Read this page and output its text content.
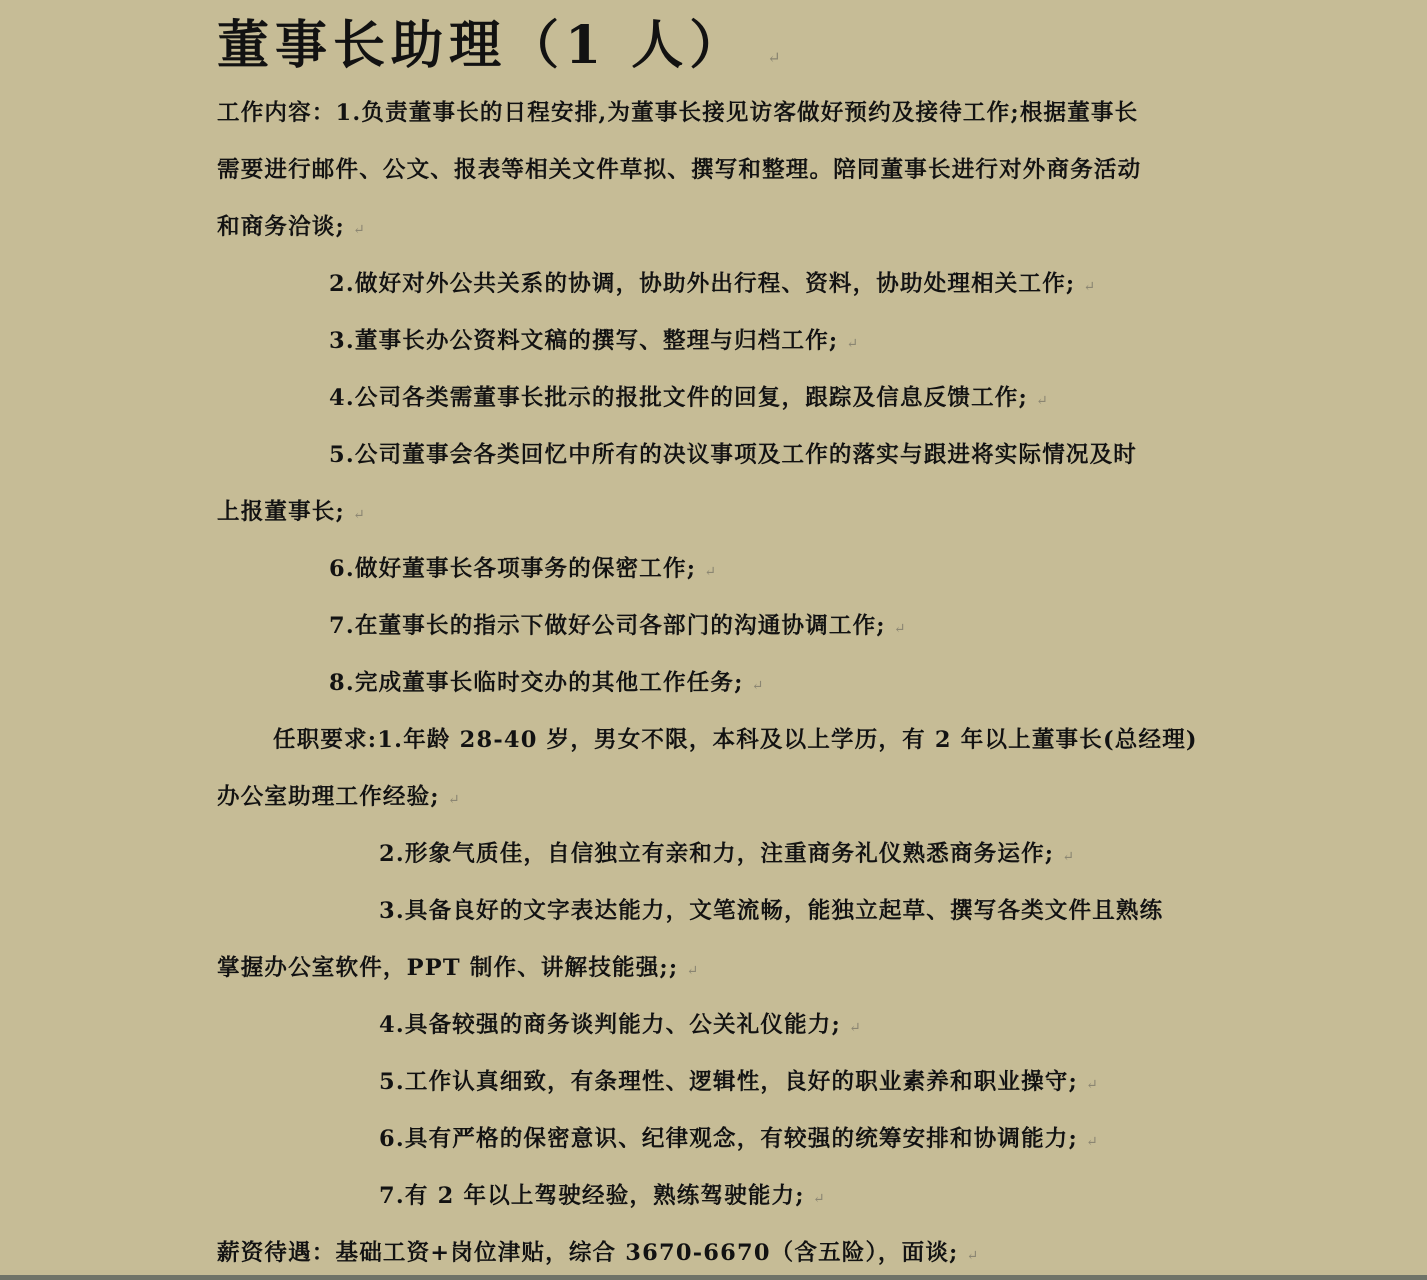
董事长助理（1 人） ↵
工作内容：1.负责董事长的日程安排,为董事长接见访客做好预约及接待工作;根据董事长
需要进行邮件、公文、报表等相关文件草拟、撰写和整理。陪同董事长进行对外商务活动
和商务洽谈; ↵
2.做好对外公共关系的协调，协助外出行程、资料，协助处理相关工作; ↵
3.董事长办公资料文稿的撰写、整理与归档工作; ↵
4.公司各类需董事长批示的报批文件的回复，跟踪及信息反馈工作; ↵
5.公司董事会各类回忆中所有的决议事项及工作的落实与跟进将实际情况及时
上报董事长; ↵
6.做好董事长各项事务的保密工作; ↵
7.在董事长的指示下做好公司各部门的沟通协调工作; ↵
8.完成董事长临时交办的其他工作任务; ↵
任职要求:1.年龄 28-40 岁，男女不限，本科及以上学历，有 2 年以上董事长(总经理)
办公室助理工作经验; ↵
2.形象气质佳，自信独立有亲和力，注重商务礼仪熟悉商务运作; ↵
3.具备良好的文字表达能力，文笔流畅，能独立起草、撰写各类文件且熟练
掌握办公室软件，PPT 制作、讲解技能强;; ↵
4.具备较强的商务谈判能力、公关礼仪能力; ↵
5.工作认真细致，有条理性、逻辑性，良好的职业素养和职业操守; ↵
6.具有严格的保密意识、纪律观念，有较强的统筹安排和协调能力; ↵
7.有 2 年以上驾驶经验，熟练驾驶能力; ↵
薪资待遇：基础工资+岗位津贴，综合 3670-6670（含五险），面谈; ↵
